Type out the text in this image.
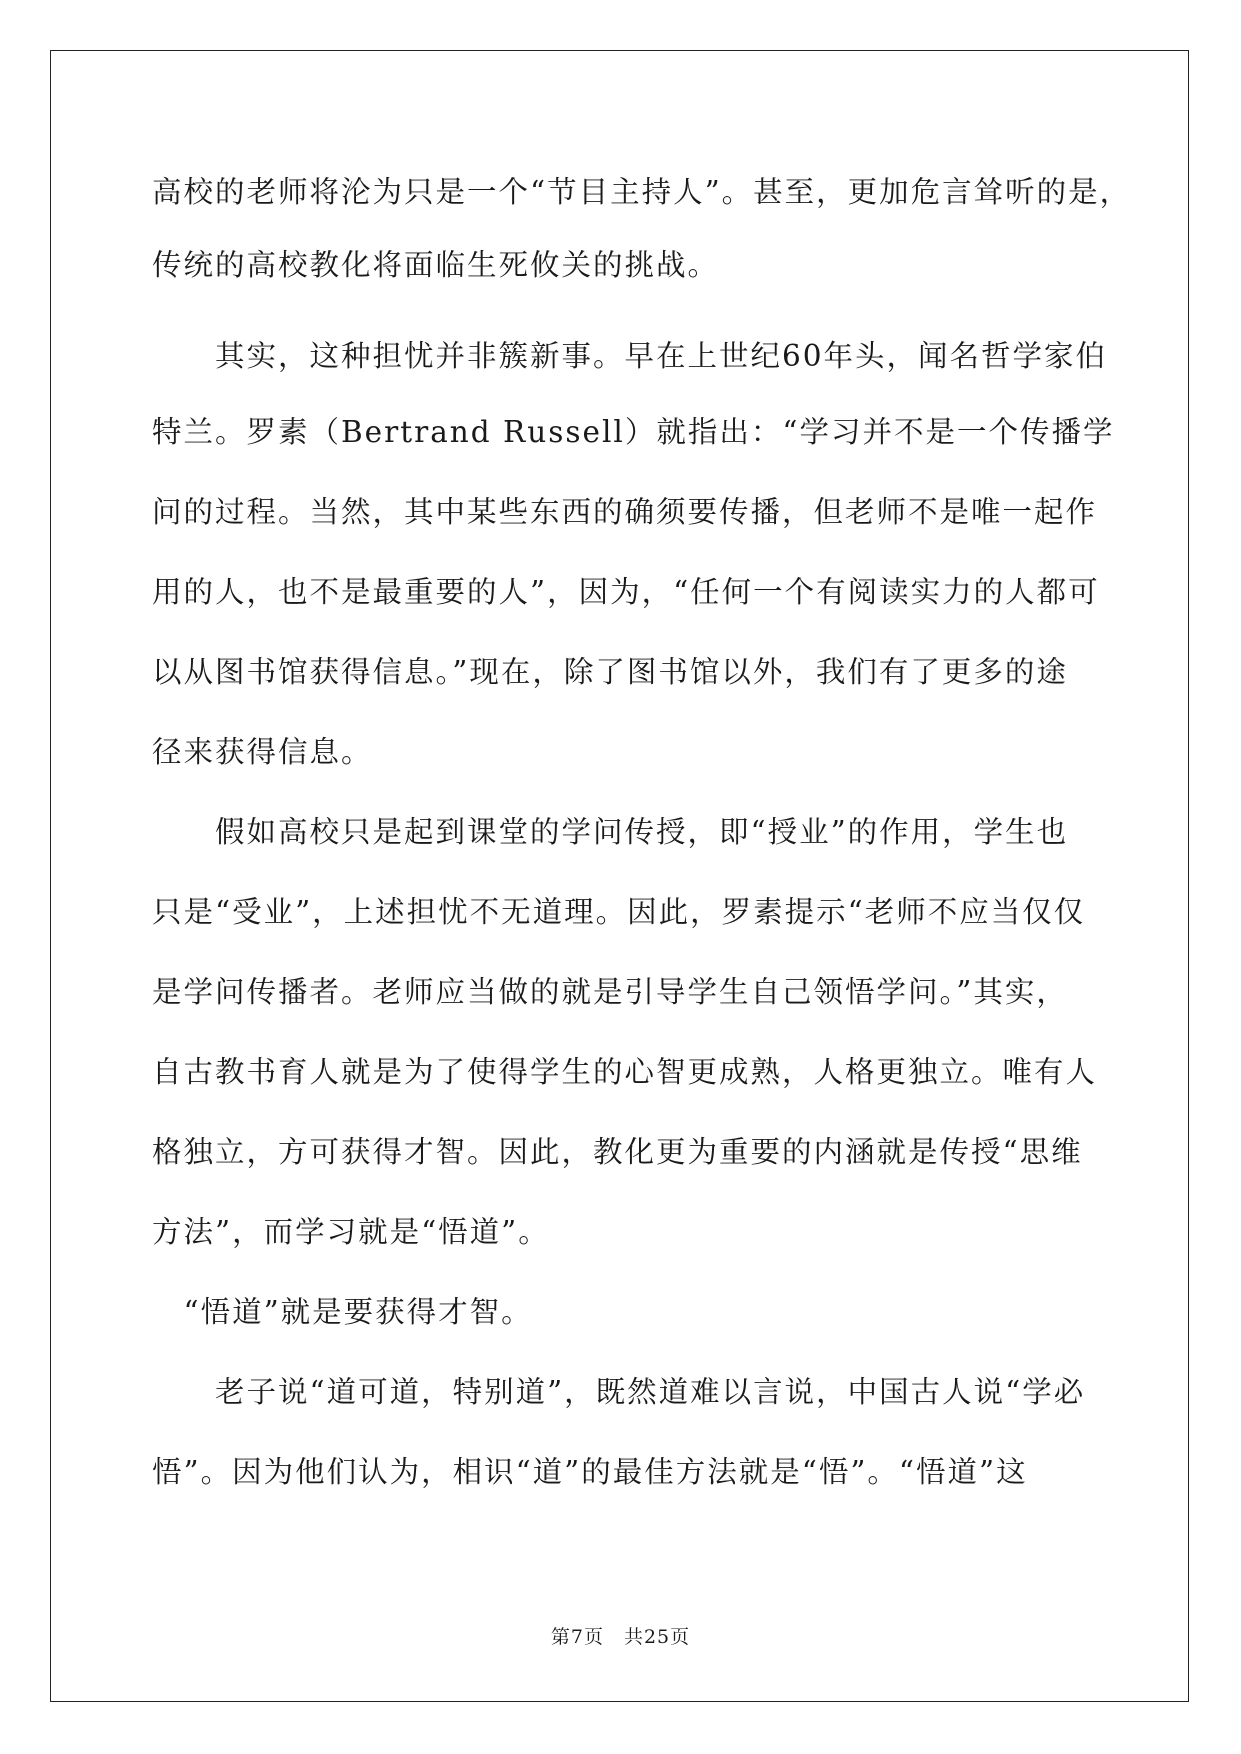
高校的老师将沦为只是一个“节目主持人”。甚至，更加危言耸听的是，
传统的高校教化将面临生死攸关的挑战。
　　其实，这种担忧并非簇新事。早在上世纪60年头，闻名哲学家伯
特兰。罗素（Bertrand Russell）就指出：“学习并不是一个传播学
问的过程。当然，其中某些东西的确须要传播，但老师不是唯一起作
用的人，也不是最重要的人”，因为，“任何一个有阅读实力的人都可
以从图书馆获得信息。”现在，除了图书馆以外，我们有了更多的途
径来获得信息。
　　假如高校只是起到课堂的学问传授，即“授业”的作用，学生也
只是“受业”，上述担忧不无道理。因此，罗素提示“老师不应当仅仅
是学问传播者。老师应当做的就是引导学生自己领悟学问。”其实，
自古教书育人就是为了使得学生的心智更成熟，人格更独立。唯有人
格独立，方可获得才智。因此，教化更为重要的内涵就是传授“思维
方法”，而学习就是“悟道”。
　“悟道”就是要获得才智。
　　老子说“道可道，特别道”，既然道难以言说，中国古人说“学必
悟”。因为他们认为，相识“道”的最佳方法就是“悟”。“悟道”这
第7页　共25页
